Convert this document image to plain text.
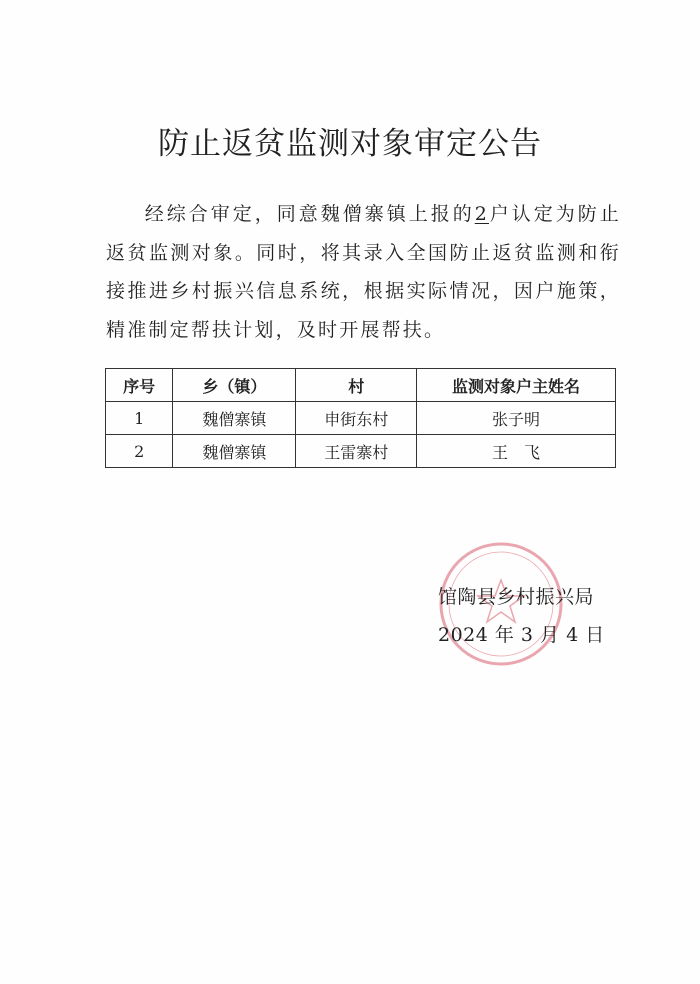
防止返贫监测对象审定公告

经综合审定，同意魏僧寨镇上报的2户认定为防止返贫监测对象。同时，将其录入全国防止返贫监测和衔接推进乡村振兴信息系统，根据实际情况，因户施策，精准制定帮扶计划，及时开展帮扶。

序号	乡（镇）	村	监测对象户主姓名
1	魏僧寨镇	申街东村	张子明
2	魏僧寨镇	王雷寨村	王　飞
馆陶县乡村振兴局
2024 年 3 月 4 日
